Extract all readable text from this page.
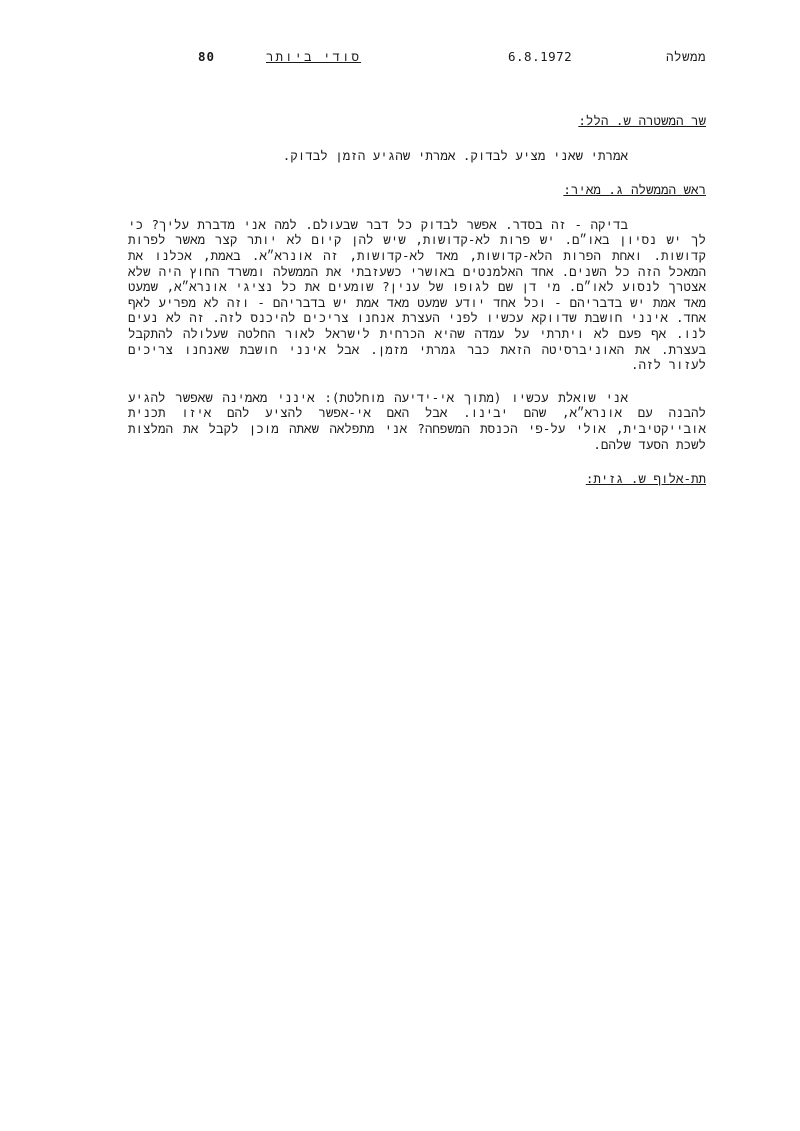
80	סודי ביותר	6.8.1972	ממשלה

שר המשטרה ש. הלל:

אמרתי שאני מציע לבדוק. אמרתי שהגיע הזמן לבדוק.

ראש הממשלה ג. מאיר:

בדיקה - זה בסדר. אפשר לבדוק כל דבר שבעולם. למה אני מדברת עליך? כי לך יש נסיון באו״ם. יש פרות לא-קדושות, שיש להן קיום לא יותר קצר מאשר לפרות קדושות. ואחת הפרות הלא-קדושות, מאד לא-קדושות, זה אונרא״א. באמת, אכלנו את המאכל הזה כל השנים. אחד האלמנטים באושרי כשעזבתי את הממשלה ומשרד החוץ היה שלא אצטרך לנסוע לאו״ם. מי דן שם לגופו של ענין? שומעים את כל נציגי אונרא״א, שמעט מאד אמת יש בדבריהם - וכל אחד יודע שמעט מאד אמת יש בדבריהם - וזה לא מפריע לאף אחד. אינני חושבת שדווקא עכשיו לפני העצרת אנחנו צריכים להיכנס לזה. זה לא נעים לנו. אף פעם לא ויתרתי על עמדה שהיא הכרחית לישראל לאור החלטה שעלולה להתקבל בעצרת. את האוניברסיטה הזאת כבר גמרתי מזמן. אבל אינני חושבת שאנחנו צריכים לעזור לזה.

אני שואלת עכשיו (מתוך אי-ידיעה מוחלטת): אינני מאמינה שאפשר להגיע להבנה עם אונרא״א, שהם יבינו. אבל האם אי-אפשר להציע להם איזו תכנית אובייקטיבית, אולי על-פי הכנסת המשפחה? אני מתפלאה שאתה מוכן לקבל את המלצות לשכת הסעד שלהם.

תת-אלוף ש. גזית:
